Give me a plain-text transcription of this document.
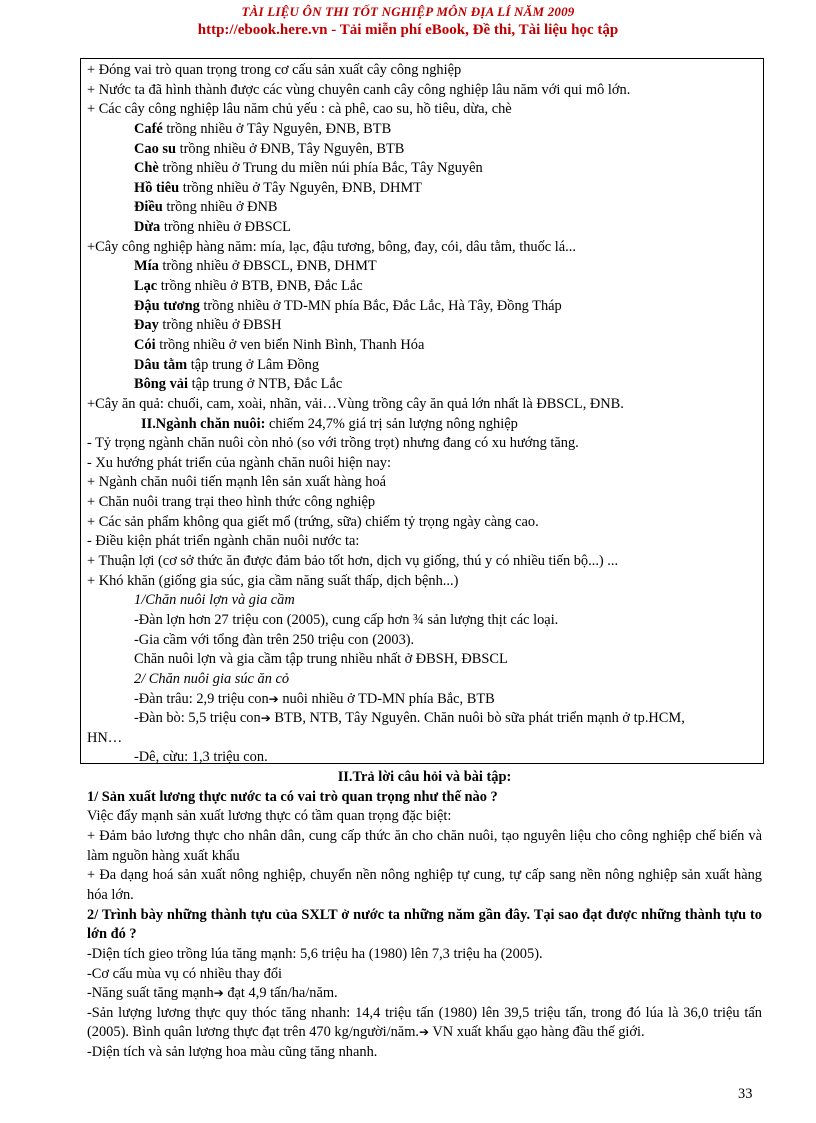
TÀI LIỆU ÔN THI TỐT NGHIỆP MÔN ĐỊA LÍ NĂM 2009
http://ebook.here.vn - Tải miễn phí eBook, Đề thi, Tài liệu học tập
+ Đóng vai trò quan trọng trong cơ cấu sản xuất cây công nghiệp
+ Nước ta đã hình thành được các vùng chuyên canh cây công nghiệp lâu năm với qui mô lớn.
+ Các cây công nghiệp lâu năm chủ yếu : cà phê, cao su, hồ tiêu, dừa, chè
Café trồng nhiều ở Tây Nguyên, ĐNB, BTB
Cao su trồng nhiều ở ĐNB, Tây Nguyên, BTB
Chè trồng nhiều ở Trung du miền núi phía Bắc, Tây Nguyên
Hồ tiêu trồng nhiều ở Tây Nguyên, ĐNB, DHMT
Điều trồng nhiều ở ĐNB
Dừa trồng nhiều ở ĐBSCL
+Cây công nghiệp hàng năm: mía, lạc, đậu tương, bông, đay, cói, dâu tằm, thuốc lá...
Mía trồng nhiều ở ĐBSCL, ĐNB, DHMT
Lạc trồng nhiều ở BTB, ĐNB, Đắc Lắc
Đậu tương trồng nhiều ở TD-MN phía Bắc, Đắc Lắc, Hà Tây, Đồng Tháp
Đay trồng nhiều ở ĐBSH
Cói trồng nhiều ở ven biển Ninh Bình, Thanh Hóa
Dâu tằm tập trung ở Lâm Đồng
Bông vải tập trung ở NTB, Đắc Lắc
+Cây ăn quả: chuối, cam, xoài, nhãn, vải…Vùng trồng cây ăn quả lớn nhất là ĐBSCL, ĐNB.
II.Ngành chăn nuôi: chiếm 24,7% giá trị sản lượng nông nghiệp
- Tỷ trọng ngành chăn nuôi còn nhỏ (so với trồng trọt) nhưng đang có xu hướng tăng.
- Xu hướng phát triển của ngành chăn nuôi hiện nay:
+ Ngành chăn nuôi tiến mạnh lên sản xuất hàng hoá
+ Chăn nuôi trang trại theo hình thức công nghiệp
+ Các sản phẩm không qua giết mổ (trứng, sữa) chiếm tỷ trọng ngày càng cao.
- Điều kiện phát triển ngành chăn nuôi nước ta:
+ Thuận lợi (cơ sở thức ăn được đảm bảo tốt hơn, dịch vụ giống, thú y có nhiều tiến bộ...) ...
+ Khó khăn (giống gia súc, gia cầm năng suất thấp, dịch bệnh...)
1/Chăn nuôi lợn và gia cầm
-Đàn lợn hơn 27 triệu con (2005), cung cấp hơn ¾ sản lượng thịt các loại.
-Gia cầm với tổng đàn trên 250 triệu con (2003).
Chăn nuôi lợn và gia cầm tập trung nhiều nhất ở ĐBSH, ĐBSCL
2/ Chăn nuôi gia súc ăn cỏ
-Đàn trâu: 2,9 triệu con➔ nuôi nhiều ở TD-MN phía Bắc, BTB
-Đàn bò: 5,5 triệu con➔ BTB, NTB, Tây Nguyên. Chăn nuôi bò sữa phát triển mạnh ở tp.HCM,
HN…
-Dê, cừu: 1,3 triệu con.
II.Trả lời câu hỏi và bài tập:
1/ Sản xuất lương thực nước ta có vai trò quan trọng như thế nào ?
Việc đẩy mạnh sản xuất lương thực có tầm quan trọng đặc biệt:
+ Đảm bảo lương thực cho nhân dân, cung cấp thức ăn cho chăn nuôi, tạo nguyên liệu cho công nghiệp chế biến và làm nguồn hàng xuất khẩu
+ Đa dạng hoá sản xuất nông nghiệp, chuyển nền nông nghiệp tự cung, tự cấp sang nền nông nghiệp sản xuất hàng hóa lớn.
2/ Trình bày những thành tựu của SXLT ở nước ta những năm gần đây. Tại sao đạt được những thành tựu to lớn đó ?
-Diện tích gieo trồng lúa tăng mạnh: 5,6 triệu ha (1980) lên 7,3 triệu ha (2005).
-Cơ cấu mùa vụ có nhiều thay đổi
-Năng suất tăng mạnh➔ đạt 4,9 tấn/ha/năm.
-Sản lượng lương thực quy thóc tăng nhanh: 14,4 triệu tấn (1980) lên 39,5 triệu tấn, trong đó lúa là 36,0 triệu tấn (2005). Bình quân lương thực đạt trên 470 kg/người/năm.➔ VN xuất khẩu gạo hàng đầu thế giới.
-Diện tích và sản lượng hoa màu cũng tăng nhanh.
33
